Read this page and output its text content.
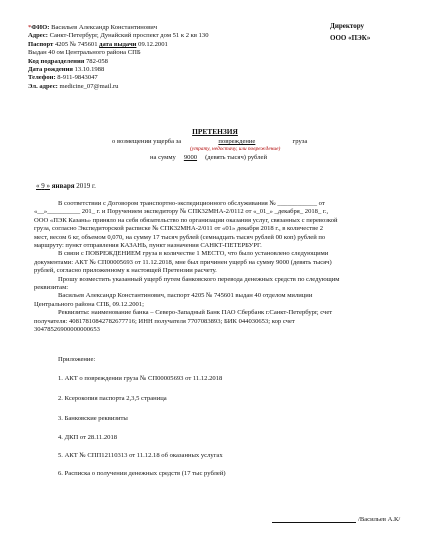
*ФИО: Васильев Александр Константинович
Адрес: Санкт-Петербург, Дунайский проспект дом 51 к 2 кв 130
Паспорт 4205 № 745601 дата выдачи 09.12.2001
Выдан 40 ом Центрального района СПБ
Код подразделения 782-058
Дата рождения 13.10.1988
Телефон: 8-911-9843047
Эл. адрес: medicine_07@mail.ru
Директору
ООО «ПЭК»
ПРЕТЕНЗИЯ
о возмещении ущерба за	повреждение	груза
(утрату, недостачу, или повреждение)
на сумму 9000 (девять тысяч) рублей
« 9 » января 2019 г.
В соответствии с Договором транспортно-экспедиционного обслуживания № ____________ от
«__»__________ 201_ г. и Поручением экспедитору № СПК32МНА-2/0112 от «_01_» _декабря_ 2018_ г.,
ООО «ПЭК Казань» приняло на себя обязательство по организации оказания услуг, связанных с перевозкой
груза, согласно Экспедиторской расписке № СПК32МНА-2/011 от «01» декабря 2018 г., в количестве 2
мест, весом 6 кг, объемом 0,070, на сумму 17 тысяч рублей (семнадцать тысяч рублей 00 коп) рублей по
маршруту: пункт отправления КАЗАНЬ, пункт назначения САНКТ-ПЕТЕРБУРГ.
В связи с ПОВРЕЖДЕНИЕМ груза в количестве 1 МЕСТО, что было установлено следующими
документами: АКТ № СП00005693 от 11.12.2018, мне был причинен ущерб на сумму 9000 (девять тысяч)
рублей, согласно приложенному к настоящей Претензии расчету.
Прошу возместить указанный ущерб путем банковского перевода денежных средств по следующим
реквизитам:
Васильев Александр Константинович, паспорт 4205 № 745601 выдан 40 отделом милиции
Центрального района СПБ, 09.12.2001;
Реквизиты: наименование банка – Северо-Западный Банк ПАО Сбербанк г.Санкт-Петербург, счет
получателя: 40817810842782677716; ИНН получателя 7707083893; БИК 044030653; кор счет
30478526900000000653
Приложение:
1. АКТ о повреждении груза № СП00005693 от 11.12.2018
2. Ксерокопия паспорта 2,3,5 страница
3. Банковские реквизиты
4. ДКП от 28.11.2018
5. АКТ № СПП12110313 от 11.12.18 об оказанных услугах
6. Расписка о получении денежных средств (17 тыс рублей)
/Васильев А.К/
